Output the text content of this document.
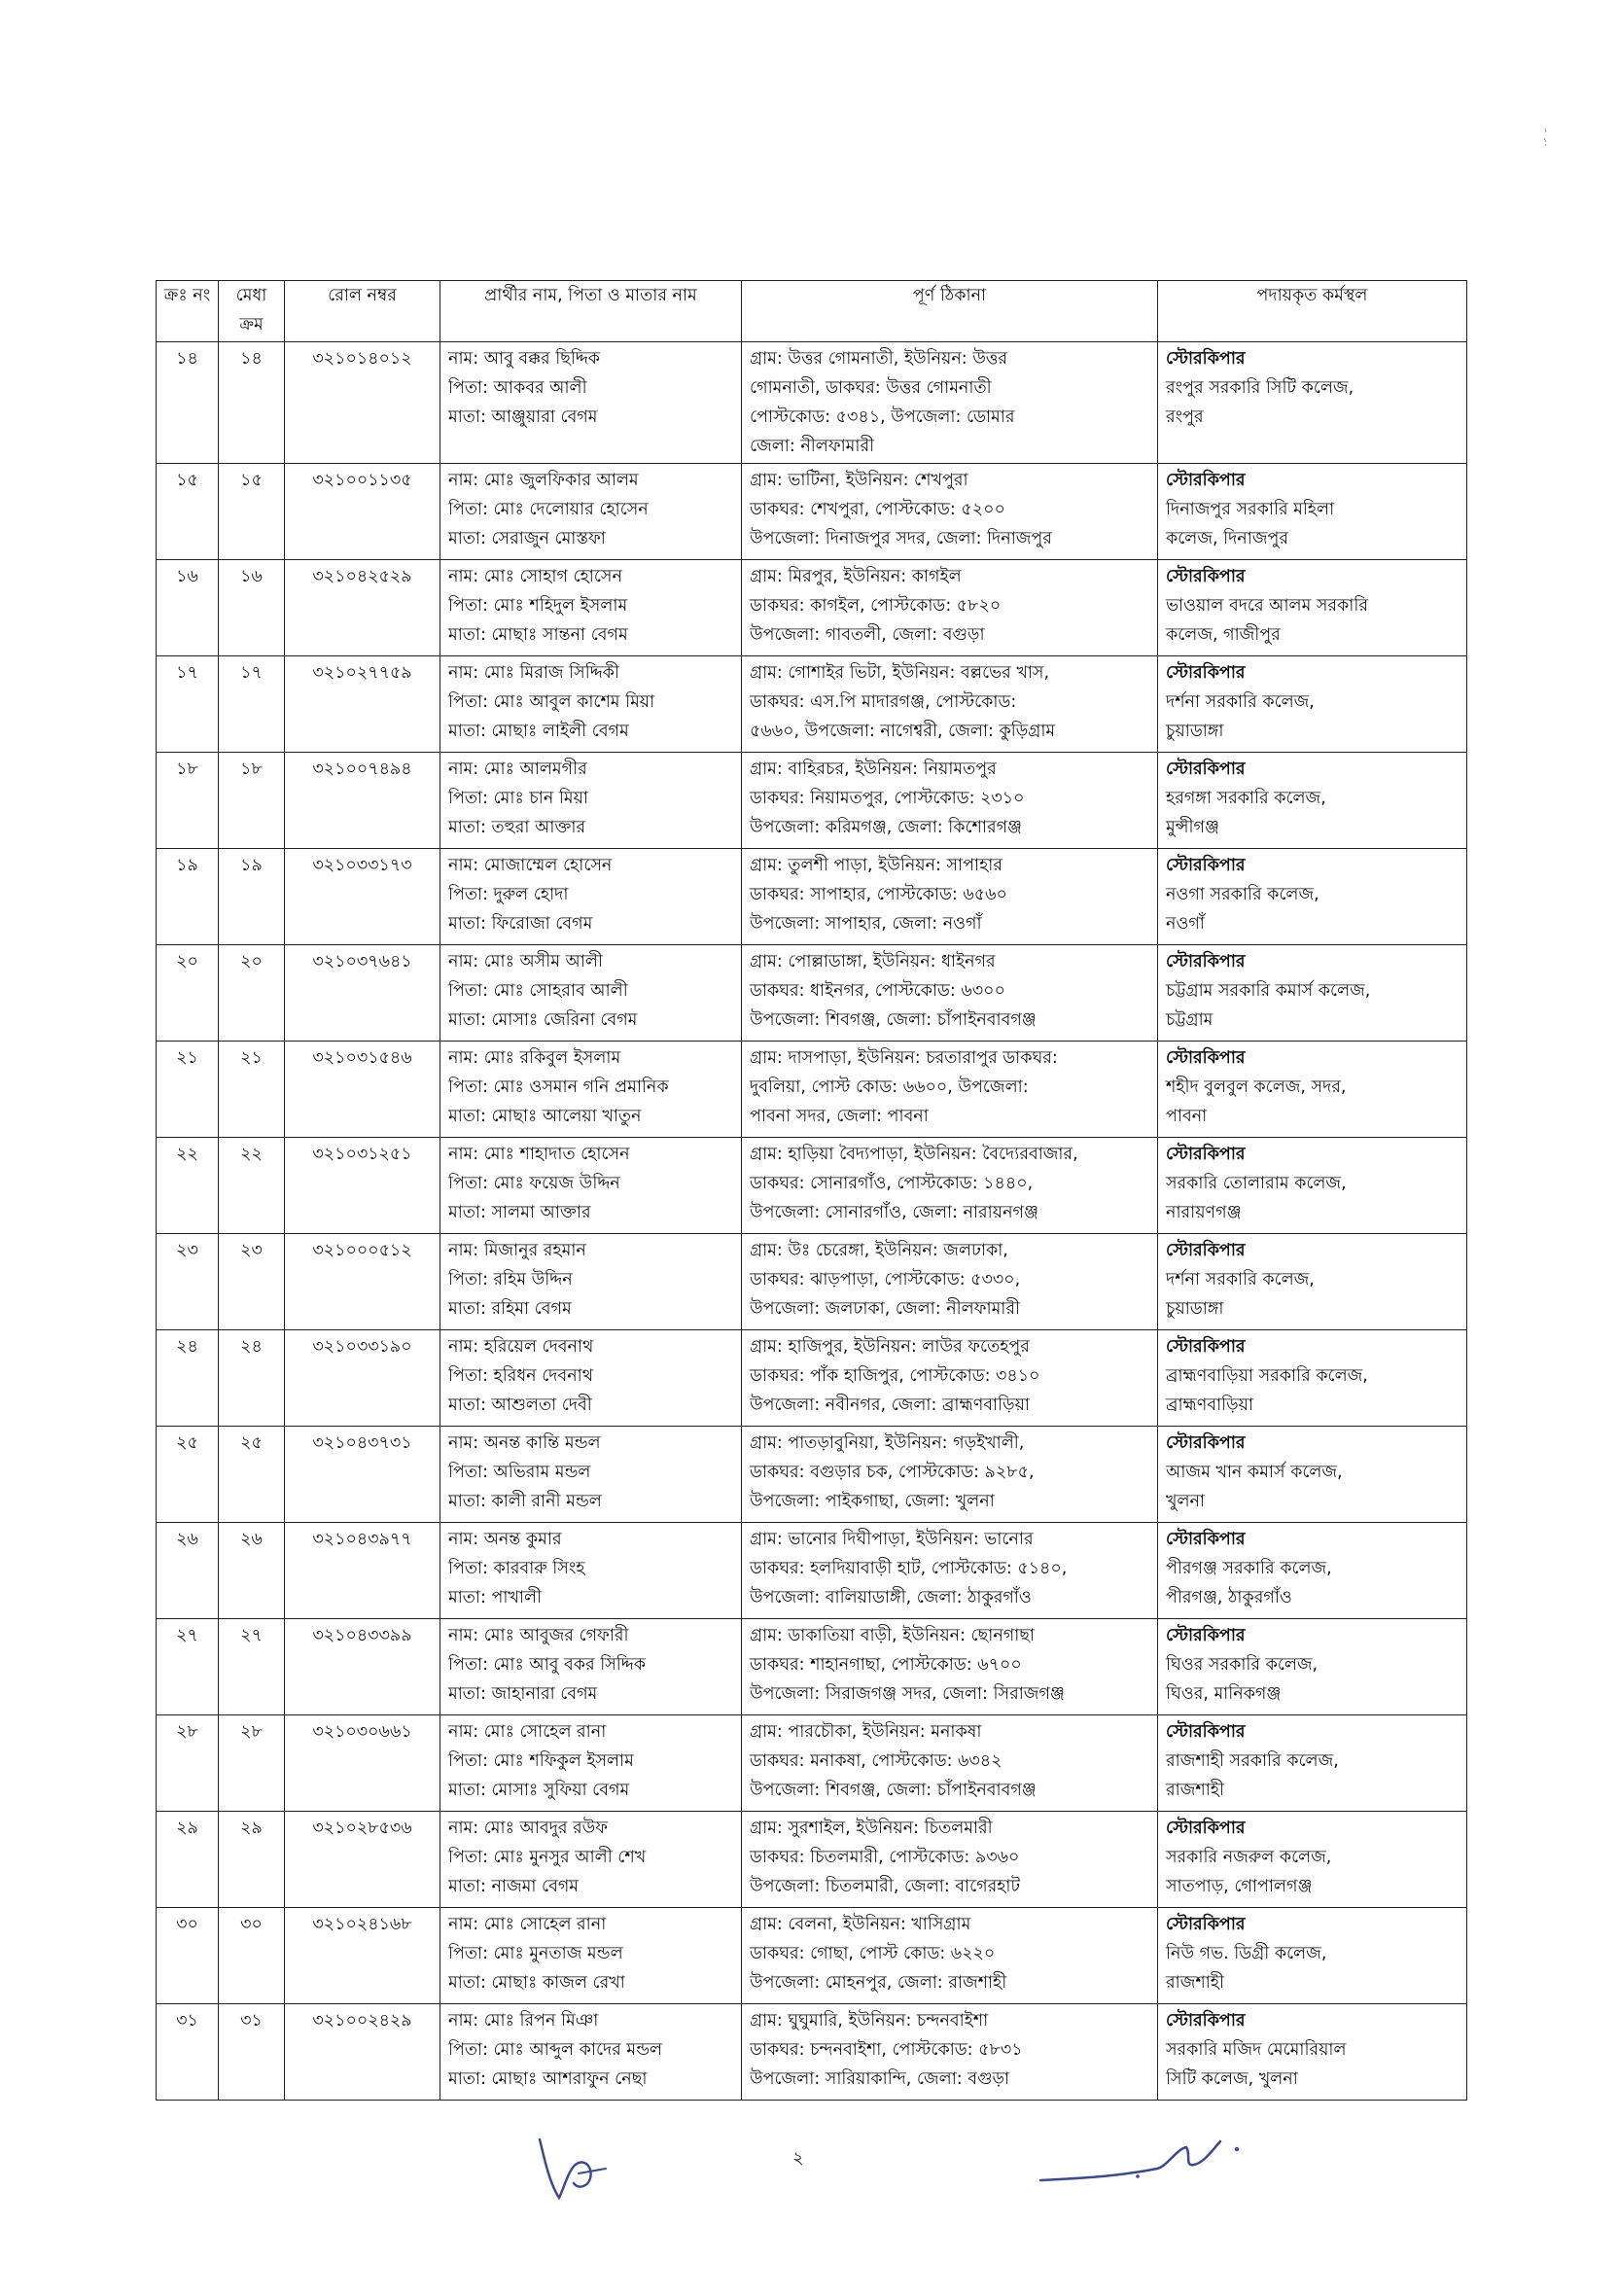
ক্রঃ নং	মেধা ক্রম	রোল নম্বর	প্রার্থীর নাম, পিতা ও মাতার নাম	পূর্ণ ঠিকানা	পদায়কৃত কর্মস্থল

১৪	১৪	৩২১০১৪০১২	নাম: আবু বক্কর ছিদ্দিক
পিতা: আকবর আলী
মাতা: আঞ্জুয়ারা বেগম	গ্রাম: উত্তর গোমনাতী, ইউনিয়ন: উত্তর
গোমনাতী, ডাকঘর: উত্তর গোমনাতী
পোস্টকোড: ৫৩৪১, উপজেলা: ডোমার
জেলা: নীলফামারী	স্টোরকিপার
রংপুর সরকারি সিটি কলেজ,
রংপুর

১৫	১৫	৩২১০০১১৩৫	নাম: মোঃ জুলফিকার আলম
পিতা: মোঃ দেলোয়ার হোসেন
মাতা: সেরাজুন মোস্তফা	গ্রাম: ভাটিনা, ইউনিয়ন: শেখপুরা
ডাকঘর: শেখপুরা, পোস্টকোড: ৫২০০
উপজেলা: দিনাজপুর সদর, জেলা: দিনাজপুর	স্টোরকিপার
দিনাজপুর সরকারি মহিলা
কলেজ, দিনাজপুর

১৬	১৬	৩২১০৪২৫২৯	নাম: মোঃ সোহাগ হোসেন
পিতা: মোঃ শহিদুল ইসলাম
মাতা: মোছাঃ সান্তনা বেগম	গ্রাম: মিরপুর, ইউনিয়ন: কাগইল
ডাকঘর: কাগইল, পোস্টকোড: ৫৮২০
উপজেলা: গাবতলী, জেলা: বগুড়া	স্টোরকিপার
ভাওয়াল বদরে আলম সরকারি
কলেজ, গাজীপুর

১৭	১৭	৩২১০২৭৭৫৯	নাম: মোঃ মিরাজ সিদ্দিকী
পিতা: মোঃ আবুল কাশেম মিয়া
মাতা: মোছাঃ লাইলী বেগম	গ্রাম: গোশাইর ভিটা, ইউনিয়ন: বল্লভের খাস,
ডাকঘর: এস.পি মাদারগঞ্জ, পোস্টকোড:
৫৬৬০, উপজেলা: নাগেশ্বরী, জেলা: কুড়িগ্রাম	স্টোরকিপার
দর্শনা সরকারি কলেজ,
চুয়াডাঙ্গা

১৮	১৮	৩২১০০৭৪৯৪	নাম: মোঃ আলমগীর
পিতা: মোঃ চান মিয়া
মাতা: তহুরা আক্তার	গ্রাম: বাহিরচর, ইউনিয়ন: নিয়ামতপুর
ডাকঘর: নিয়ামতপুর, পোস্টকোড: ২৩১০
উপজেলা: করিমগঞ্জ, জেলা: কিশোরগঞ্জ	স্টোরকিপার
হরগঙ্গা সরকারি কলেজ,
মুন্সীগঞ্জ

১৯	১৯	৩২১০৩৩১৭৩	নাম: মোজাম্মেল হোসেন
পিতা: দুরুল হোদা
মাতা: ফিরোজা বেগম	গ্রাম: তুলশী পাড়া, ইউনিয়ন: সাপাহার
ডাকঘর: সাপাহার, পোস্টকোড: ৬৫৬০
উপজেলা: সাপাহার, জেলা: নওগাঁ	স্টোরকিপার
নওগা সরকারি কলেজ,
নওগাঁ

২০	২০	৩২১০৩৭৬৪১	নাম: মোঃ অসীম আলী
পিতা: মোঃ সোহরাব আলী
মাতা: মোসাঃ জেরিনা বেগম	গ্রাম: পোল্লাডাঙ্গা, ইউনিয়ন: ধাইনগর
ডাকঘর: ধাইনগর, পোস্টকোড: ৬৩০০
উপজেলা: শিবগঞ্জ, জেলা: চাঁপাইনবাবগঞ্জ	স্টোরকিপার
চট্টগ্রাম সরকারি কমার্স কলেজ,
চট্টগ্রাম

২১	২১	৩২১০৩১৫৪৬	নাম: মোঃ রকিবুল ইসলাম
পিতা: মোঃ ওসমান গনি প্রমানিক
মাতা: মোছাঃ আলেয়া খাতুন	গ্রাম: দাসপাড়া, ইউনিয়ন: চরতারাপুর ডাকঘর:
দুবলিয়া, পোস্ট কোড: ৬৬০০, উপজেলা:
পাবনা সদর, জেলা: পাবনা	স্টোরকিপার
শহীদ বুলবুল কলেজ, সদর,
পাবনা

২২	২২	৩২১০৩১২৫১	নাম: মোঃ শাহাদাত হোসেন
পিতা: মোঃ ফয়েজ উদ্দিন
মাতা: সালমা আক্তার	গ্রাম: হাড়িয়া বৈদ্যপাড়া, ইউনিয়ন: বৈদ্যেরবাজার,
ডাকঘর: সোনারগাঁও, পোস্টকোড: ১৪৪০,
উপজেলা: সোনারগাঁও, জেলা: নারায়নগঞ্জ	স্টোরকিপার
সরকারি তোলারাম কলেজ,
নারায়ণগঞ্জ

২৩	২৩	৩২১০০০৫১২	নাম: মিজানুর রহমান
পিতা: রহিম উদ্দিন
মাতা: রহিমা বেগম	গ্রাম: উঃ চেরেঙ্গা, ইউনিয়ন: জলঢাকা,
ডাকঘর: ঝাড়পাড়া, পোস্টকোড: ৫৩৩০,
উপজেলা: জলঢাকা, জেলা: নীলফামারী	স্টোরকিপার
দর্শনা সরকারি কলেজ,
চুয়াডাঙ্গা

২৪	২৪	৩২১০৩৩১৯০	নাম: হরিয়েল দেবনাথ
পিতা: হরিধন দেবনাথ
মাতা: আশুলতা দেবী	গ্রাম: হাজিপুর, ইউনিয়ন: লাউর ফতেহপুর
ডাকঘর: পাঁক হাজিপুর, পোস্টকোড: ৩৪১০
উপজেলা: নবীনগর, জেলা: ব্রাহ্মণবাড়িয়া	স্টোরকিপার
ব্রাহ্মণবাড়িয়া সরকারি কলেজ,
ব্রাহ্মণবাড়িয়া

২৫	২৫	৩২১০৪৩৭৩১	নাম: অনন্ত কান্তি মন্ডল
পিতা: অভিরাম মন্ডল
মাতা: কালী রানী মন্ডল	গ্রাম: পাতড়াবুনিয়া, ইউনিয়ন: গড়ইখালী,
ডাকঘর: বগুড়ার চক, পোস্টকোড: ৯২৮৫,
উপজেলা: পাইকগাছা, জেলা: খুলনা	স্টোরকিপার
আজম খান কমার্স কলেজ,
খুলনা

২৬	২৬	৩২১০৪৩৯৭৭	নাম: অনন্ত কুমার
পিতা: কারবারু সিংহ
মাতা: পাখালী	গ্রাম: ভানোর দিঘীপাড়া, ইউনিয়ন: ভানোর
ডাকঘর: হলদিয়াবাড়ী হাট, পোস্টকোড: ৫১৪০,
উপজেলা: বালিয়াডাঙ্গী, জেলা: ঠাকুরগাঁও	স্টোরকিপার
পীরগঞ্জ সরকারি কলেজ,
পীরগঞ্জ, ঠাকুরগাঁও

২৭	২৭	৩২১০৪৩৩৯৯	নাম: মোঃ আবুজর গেফারী
পিতা: মোঃ আবু বকর সিদ্দিক
মাতা: জাহানারা বেগম	গ্রাম: ডাকাতিয়া বাড়ী, ইউনিয়ন: ছোনগাছা
ডাকঘর: শাহানগাছা, পোস্টকোড: ৬৭০০
উপজেলা: সিরাজগঞ্জ সদর, জেলা: সিরাজগঞ্জ	স্টোরকিপার
ঘিওর সরকারি কলেজ,
ঘিওর, মানিকগঞ্জ

২৮	২৮	৩২১০৩০৬৬১	নাম: মোঃ সোহেল রানা
পিতা: মোঃ শফিকুল ইসলাম
মাতা: মোসাঃ সুফিয়া বেগম	গ্রাম: পারচৌকা, ইউনিয়ন: মনাকষা
ডাকঘর: মনাকষা, পোস্টকোড: ৬৩৪২
উপজেলা: শিবগঞ্জ, জেলা: চাঁপাইনবাবগঞ্জ	স্টোরকিপার
রাজশাহী সরকারি কলেজ,
রাজশাহী

২৯	২৯	৩২১০২৮৫৩৬	নাম: মোঃ আবদুর রউফ
পিতা: মোঃ মুনসুর আলী শেখ
মাতা: নাজমা বেগম	গ্রাম: সুরশাইল, ইউনিয়ন: চিতলমারী
ডাকঘর: চিতলমারী, পোস্টকোড: ৯৩৬০
উপজেলা: চিতলমারী, জেলা: বাগেরহাট	স্টোরকিপার
সরকারি নজরুল কলেজ,
সাতপাড়, গোপালগঞ্জ

৩০	৩০	৩২১০২৪১৬৮	নাম: মোঃ সোহেল রানা
পিতা: মোঃ মুনতাজ মন্ডল
মাতা: মোছাঃ কাজল রেখা	গ্রাম: বেলনা, ইউনিয়ন: খাসিগ্রাম
ডাকঘর: গোছা, পোস্ট কোড: ৬২২০
উপজেলা: মোহনপুর, জেলা: রাজশাহী	স্টোরকিপার
নিউ গভ. ডিগ্রী কলেজ,
রাজশাহী

৩১	৩১	৩২১০০২৪২৯	নাম: মোঃ রিপন মিঞা
পিতা: মোঃ আব্দুল কাদের মন্ডল
মাতা: মোছাঃ আশরাফুন নেছা	গ্রাম: ঘুঘুমারি, ইউনিয়ন: চন্দনবাইশা
ডাকঘর: চন্দনবাইশা, পোস্টকোড: ৫৮৩১
উপজেলা: সারিয়াকান্দি, জেলা: বগুড়া	স্টোরকিপার
সরকারি মজিদ মেমোরিয়াল
সিটি কলেজ, খুলনা
২
